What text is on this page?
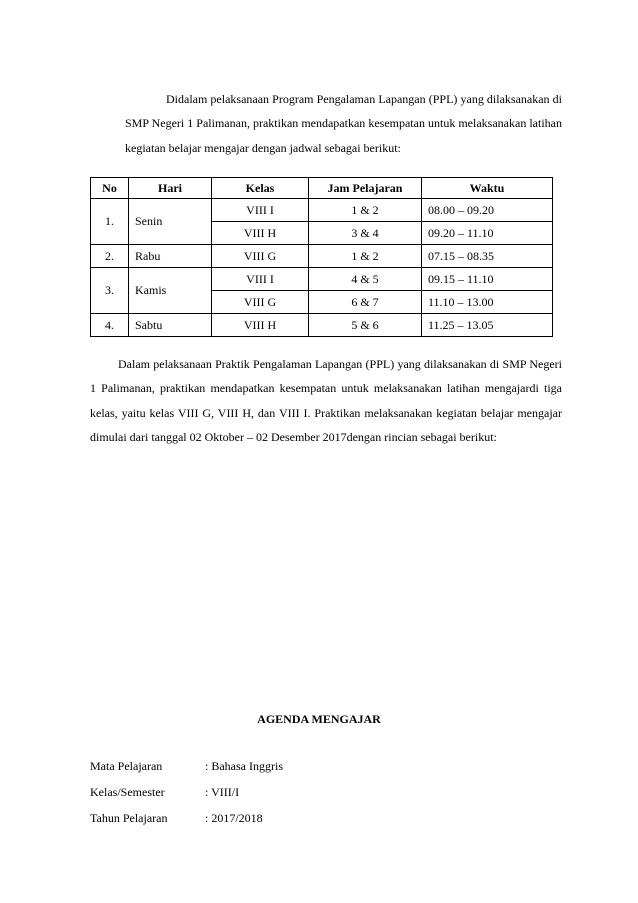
Didalam pelaksanaan Program Pengalaman Lapangan (PPL) yang dilaksanakan di SMP Negeri 1 Palimanan, praktikan mendapatkan kesempatan untuk melaksanakan latihan kegiatan belajar mengajar dengan jadwal sebagai berikut:

No	Hari	Kelas	Jam Pelajaran	Waktu
1.	Senin	VIII I	1 & 2	08.00 – 09.20
		VIII H	3 & 4	09.20 – 11.10
2.	Rabu	VIII G	1 & 2	07.15 – 08.35
3.	Kamis	VIII I	4 & 5	09.15 – 11.10
		VIII G	6 & 7	11.10 – 13.00
4.	Sabtu	VIII H	5 & 6	11.25 – 13.05

Dalam pelaksanaan Praktik Pengalaman Lapangan (PPL) yang dilaksanakan di SMP Negeri 1 Palimanan, praktikan mendapatkan kesempatan untuk melaksanakan latihan mengajardi tiga kelas, yaitu kelas VIII G, VIII H, dan VIII I. Praktikan melaksanakan kegiatan belajar mengajar dimulai dari tanggal 02 Oktober – 02 Desember 2017dengan rincian sebagai berikut:

AGENDA MENGAJAR
Mata Pelajaran	: Bahasa Inggris
Kelas/Semester	: VIII/I
Tahun Pelajaran	: 2017/2018
